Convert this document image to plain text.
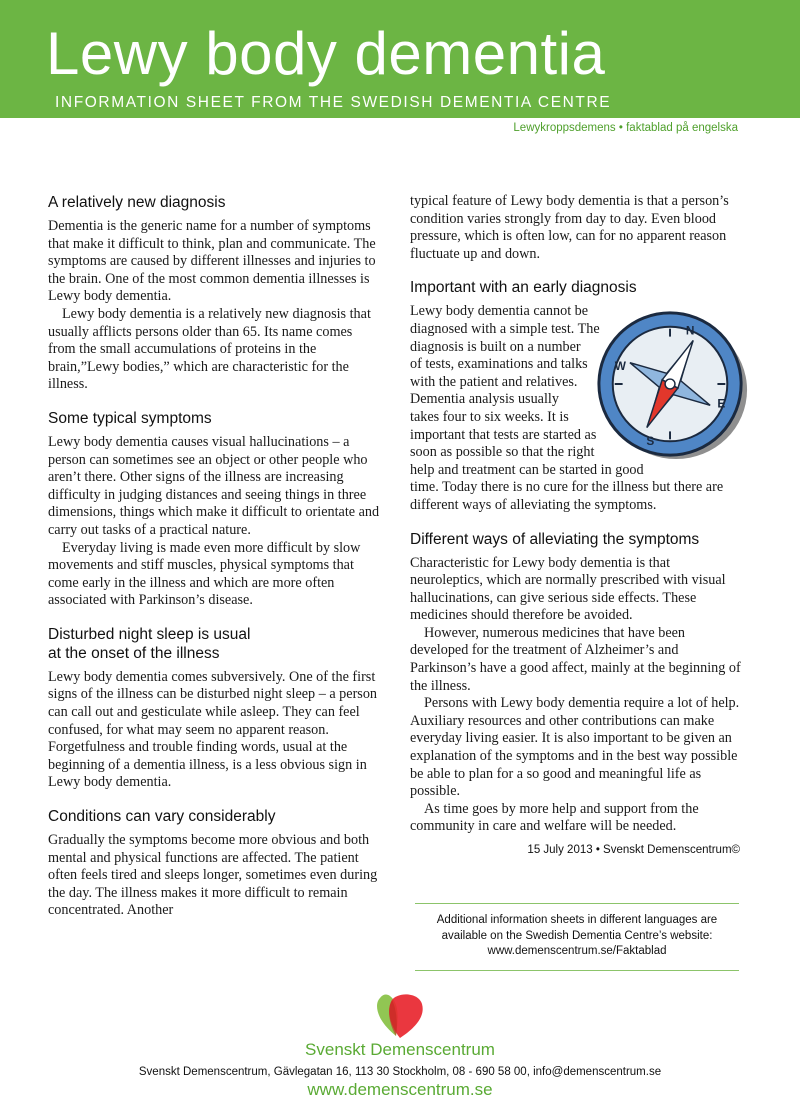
Lewy body dementia
INFORMATION SHEET FROM THE SWEDISH DEMENTIA CENTRE
Lewykroppsdemens • faktablad på engelska
A relatively new diagnosis

Dementia is the generic name for a number of symptoms that make it difficult to think, plan and communicate. The symptoms are caused by different illnesses and injuries to the brain. One of the most common dementia illnesses is Lewy body dementia.

Lewy body dementia is a relatively new diagnosis that usually afflicts persons older than 65. Its name comes from the small accumulations of proteins in the brain,”Lewy bodies,” which are characteristic for the illness.

Some typical symptoms

Lewy body dementia causes visual hallucinations – a person can sometimes see an object or other people who aren’t there. Other signs of the illness are increasing difficulty in judging distances and seeing things in three dimensions, things which make it difficult to orientate and carry out tasks of a practical nature.

Everyday living is made even more difficult by slow movements and stiff muscles, physical symptoms that come early in the illness and which are more often associated with Parkinson’s disease.

Disturbed night sleep is usual
at the onset of the illness

Lewy body dementia comes subversively. One of the first signs of the illness can be disturbed night sleep – a person can call out and gesticulate while asleep. They can feel confused, for what may seem no apparent reason. Forgetfulness and trouble finding words, usual at the beginning of a dementia illness, is a less obvious sign in Lewy body dementia.

Conditions can vary considerably

Gradually the symptoms become more obvious and both mental and physical functions are affected. The patient often feels tired and sleeps longer, sometimes even during the day. The illness makes it more difficult to remain concentrated. Another

typical feature of Lewy body dementia is that a person’s condition varies strongly from day to day. Even blood pressure, which is often low, can for no apparent reason fluctuate up and down.

Important with an early diagnosis
N
S
E
W

Lewy body dementia cannot be diagnosed with a simple test. The diagnosis is built on a number of tests, examinations and talks with the patient and relatives. Dementia analysis usually takes four to six weeks. It is important that tests are started as soon as possible so that the right help and treatment can be started in good time. Today there is no cure for the illness but there are different ways of alleviating the symptoms.

Different ways of alleviating the symptoms

Characteristic for Lewy body dementia is that neuroleptics, which are normally prescribed with visual hallucinations, can give serious side effects. These medicines should therefore be avoided.

However, numerous medicines that have been developed for the treatment of Alzheimer’s and Parkinson’s have a good affect, mainly at the beginning of the illness.

Persons with Lewy body dementia require a lot of help. Auxiliary resources and other contributions can make everyday living easier. It is also important to be given an explanation of the symptoms and in the best way possible be able to plan for a so good and meaningful life as possible.

As time goes by more help and support from the community in care and welfare will be needed.

15 July 2013 • Svenskt Demenscentrum©
Additional information sheets in different languages are
available on the Swedish Dementia Centre’s website:
www.demenscentrum.se/Faktablad
Svenskt Demenscentrum
Svenskt Demenscentrum, Gävlegatan 16, 113 30 Stockholm, 08 - 690 58 00, info@demenscentrum.se
www.demenscentrum.se
